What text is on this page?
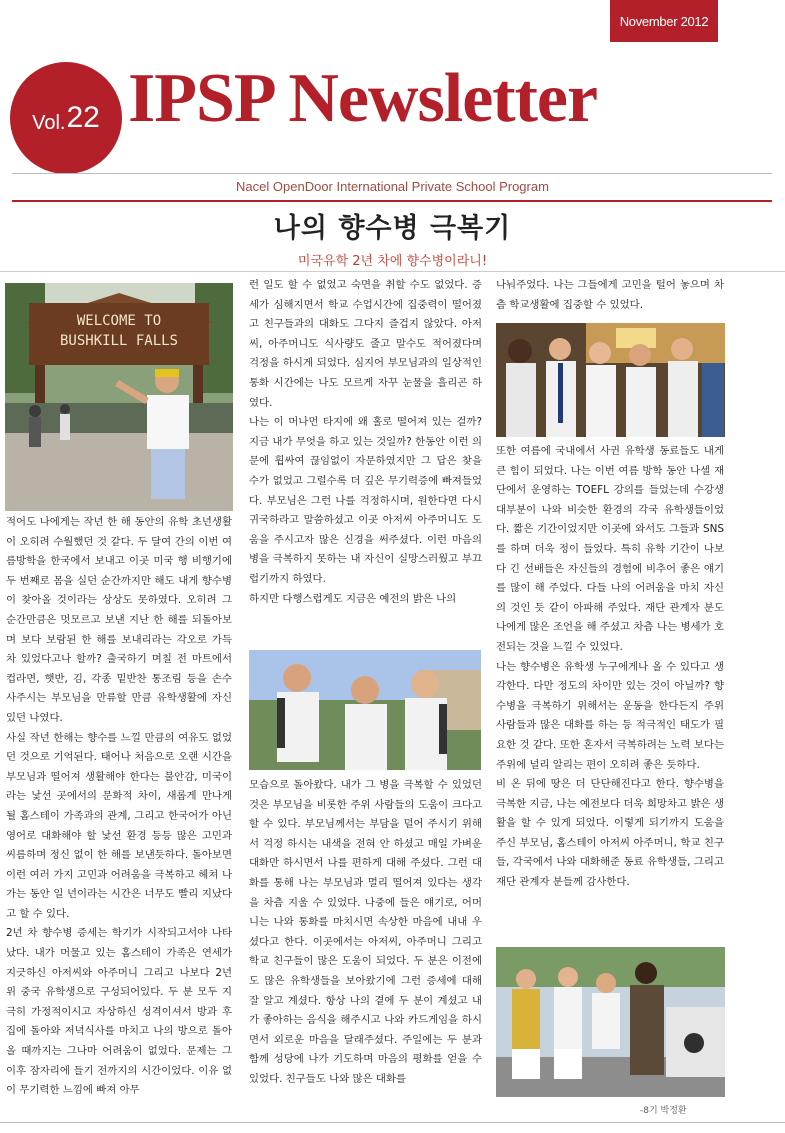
November 2012
Vol. 22 IPSP Newsletter
Nacel OpenDoor International Private School Program
나의 향수병 극복기
미국유학 2년 차에 향수병이라니!
WELCOME TO
BUSHKILL FALLS

적어도 나에게는 작년 한 해 동안의 유학 초년생활이 오히려 수월했던 것 같다. 두 달여 간의 이번 여름방학을 한국에서 보내고 이곳 미국 행 비행기에 두 번째로 몸을 실던 순간까지만 해도 내게 향수병이 찾아올 것이라는 상상도 못하였다. 오히려 그 순간만큼은 멋모르고 보낸 지난 한 해를 되돌아보며 보다 보람된 한 해를 보내리라는 각오로 가득 차 있었다고나 할까? 출국하기 며칠 전 마트에서 컵라면, 햇반, 김, 각종 밑반찬 통조림 등을 손수 사주시는 부모님을 만류할 만큼 유학생활에 자신 있던 나였다.

사실 작년 한해는 향수를 느낄 만큼의 여유도 없었던 것으로 기억된다. 태어나 처음으로 오랜 시간을 부모님과 떨어져 생활해야 한다는 불안감, 미국이라는 낯선 곳에서의 문화적 차이, 새롭게 만나게 될 홈스테이 가족과의 관계, 그리고 한국어가 아닌 영어로 대화해야 할 낯선 환경 등등 많은 고민과 씨름하며 정신 없이 한 해를 보낸듯하다. 돌아보면 이런 여러 가지 고민과 어려움을 극복하고 헤쳐 나가는 동안 일 년이라는 시간은 너무도 빨리 지났다고 할 수 있다.

2년 차 향수병 증세는 학기가 시작되고서야 나타났다. 내가 머물고 있는 홈스테이 가족은 연세가 지긋하신 아저씨와 아주머니 그리고 나보다 2년 위 중국 유학생으로 구성되어있다. 두 분 모두 지극히 가정적이시고 자상하신 성격이셔서 방과 후 집에 돌아와 저녁식사를 마치고 나의 방으로 돌아올 때까지는 그나마 어려움이 없었다. 문제는 그 이후 잠자리에 들기 전까지의 시간이었다. 이유 없이 무기력한 느낌에 빠져 아무

런 일도 할 수 없었고 숙면을 취할 수도 없었다. 증세가 심해지면서 학교 수업시간에 집중력이 떨어졌고 친구들과의 대화도 그다지 즐겁지 않았다. 아저씨, 아주머니도 식사량도 줄고 말수도 적어졌다며 걱정을 하시게 되었다. 심지어 부모님과의 일상적인 통화 시간에는 나도 모르게 자꾸 눈물을 흘리곤 하였다.

나는 이 머나먼 타지에 왜 홀로 떨어져 있는 걸까? 지금 내가 무엇을 하고 있는 것일까? 한동안 이런 의문에 휩싸여 끊임없이 자문하였지만 그 답은 찾을 수가 없었고 그럴수록 더 깊은 무기력증에 빠져들었다. 부모님은 그런 나를 걱정하시며, 원한다면 다시 귀국하라고 말씀하셨고 이곳 아저씨 아주머니도 도움을 주시고자 많은 신경을 써주셨다. 이런 마음의 병을 극복하지 못하는 내 자신이 실망스러웠고 부끄럽기까지 하였다.

하지만 다행스럽게도 지금은 예전의 밝은 나의

모습으로 돌아왔다. 내가 그 병을 극복할 수 있었던 것은 부모님을 비롯한 주위 사람들의 도움이 크다고 할 수 있다. 부모님께서는 부담을 덜어 주시기 위해서 걱정 하시는 내색을 전혀 안 하셨고 매일 가벼운 대화만 하시면서 나를 편하게 대해 주셨다. 그런 대화를 통해 나는 부모님과 멀리 떨어져 있다는 생각을 차츰 지울 수 있었다. 나중에 들은 얘기로, 어머니는 나와 통화를 마치시면 속상한 마음에 내내 우셨다고 한다. 이곳에서는 아저씨, 아주머니 그리고 학교 친구들이 많은 도움이 되었다. 두 분은 이전에도 많은 유학생들을 보아왔기에 그런 증세에 대해 잘 알고 계셨다. 항상 나의 곁에 두 분이 계셨고 내가 좋아하는 음식을 해주시고 나와 카드게임을 하시면서 외로운 마음을 달래주셨다. 주일에는 두 분과 함께 성당에 나가 기도하며 마음의 평화를 얻을 수 있었다. 친구들도 나와 많은 대화를

나눠주었다. 나는 그들에게 고민을 털어 놓으며 차츰 학교생활에 집중할 수 있었다.

또한 여름에 국내에서 사귄 유학생 동료들도 내게 큰 힘이 되었다. 나는 이번 여름 방학 동안 나셀 재단에서 운영하는 TOEFL 강의를 들었는데 수강생 대부분이 나와 비슷한 환경의 각국 유학생들이었다. 짧은 기간이었지만 이곳에 와서도 그들과 SNS를 하며 더욱 정이 들었다. 특히 유학 기간이 나보다 긴 선배들은 자신들의 경험에 비추어 좋은 얘기를 많이 해 주었다. 다들 나의 어려움을 마치 자신의 것인 듯 같이 아파해 주었다. 재단 관계자 분도 나에게 많은 조언을 해 주셨고 차츰 나는 병세가 호전되는 것을 느낄 수 있었다.

나는 향수병은 유학생 누구에게나 올 수 있다고 생각한다. 다만 정도의 차이만 있는 것이 아닐까? 향수병을 극복하기 위해서는 운동을 한다든지 주위 사람들과 많은 대화를 하는 등 적극적인 태도가 필요한 것 같다. 또한 혼자서 극복하려는 노력 보다는 주위에 널리 알리는 편이 오히려 좋은 듯하다.

비 온 뒤에 땅은 더 단단해진다고 한다. 향수병을 극복한 지금, 나는 예전보다 더욱 희망차고 밝은 생활을 할 수 있게 되었다. 이렇게 되기까지 도움을 주신 부모님, 홈스테이 아저씨 아주머니, 학교 친구들, 각국에서 나와 대화해준 동료 유학생들, 그리고 재단 관계자 분들께 감사한다.

-8기 박정환
